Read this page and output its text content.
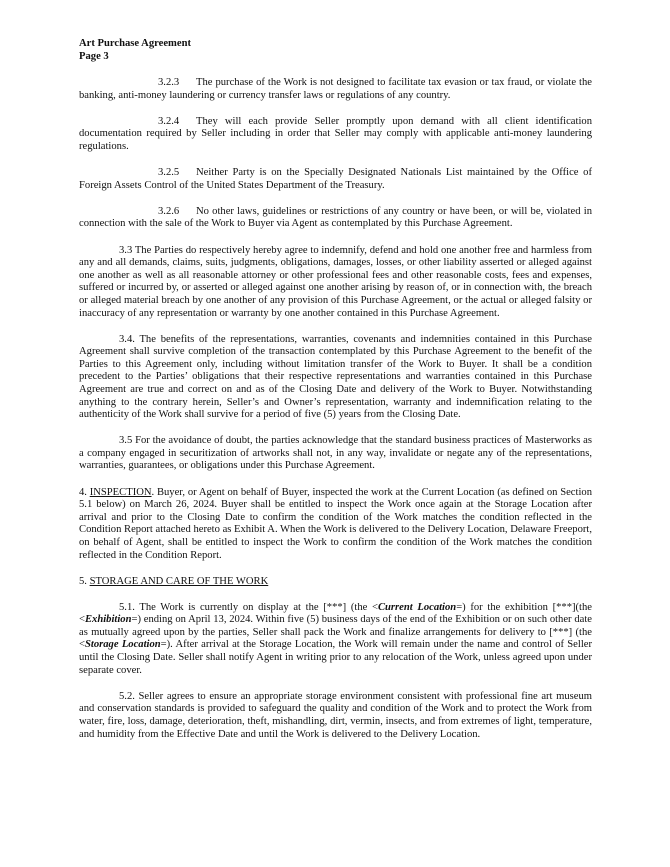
Art Purchase Agreement
Page 3

3.2.3 The purchase of the Work is not designed to facilitate tax evasion or tax fraud, or violate the banking, anti-money laundering or currency transfer laws or regulations of any country.

3.2.4 They will each provide Seller promptly upon demand with all client identification documentation required by Seller including in order that Seller may comply with applicable anti-money laundering regulations.

3.2.5 Neither Party is on the Specially Designated Nationals List maintained by the Office of Foreign Assets Control of the United States Department of the Treasury.

3.2.6 No other laws, guidelines or restrictions of any country or have been, or will be, violated in connection with the sale of the Work to Buyer via Agent as contemplated by this Purchase Agreement.

3.3 The Parties do respectively hereby agree to indemnify, defend and hold one another free and harmless from any and all demands, claims, suits, judgments, obligations, damages, losses, or other liability asserted or alleged against one another as well as all reasonable attorney or other professional fees and other reasonable costs, fees and expenses, suffered or incurred by, or asserted or alleged against one another arising by reason of, or in connection with, the breach or alleged material breach by one another of any provision of this Purchase Agreement, or the actual or alleged falsity or inaccuracy of any representation or warranty by one another contained in this Purchase Agreement.

3.4. The benefits of the representations, warranties, covenants and indemnities contained in this Purchase Agreement shall survive completion of the transaction contemplated by this Purchase Agreement to the benefit of the Parties to this Agreement only, including without limitation transfer of the Work to Buyer. It shall be a condition precedent to the Parties’ obligations that their respective representations and warranties contained in this Purchase Agreement are true and correct on and as of the Closing Date and delivery of the Work to Buyer. Notwithstanding anything to the contrary herein, Seller’s and Owner’s representation, warranty and indemnification relating to the authenticity of the Work shall survive for a period of five (5) years from the Closing Date.

3.5 For the avoidance of doubt, the parties acknowledge that the standard business practices of Masterworks as a company engaged in securitization of artworks shall not, in any way, invalidate or negate any of the representations, warranties, guarantees, or obligations under this Purchase Agreement.

4. INSPECTION. Buyer, or Agent on behalf of Buyer, inspected the work at the Current Location (as defined on Section 5.1 below) on March 26, 2024. Buyer shall be entitled to inspect the Work once again at the Storage Location after arrival and prior to the Closing Date to confirm the condition of the Work matches the condition reflected in the Condition Report attached hereto as Exhibit A. When the Work is delivered to the Delivery Location, Delaware Freeport, on behalf of Agent, shall be entitled to inspect the Work to confirm the condition of the Work matches the condition reflected in the Condition Report.

5. STORAGE AND CARE OF THE WORK

5.1. The Work is currently on display at the [***] (the <Current Location=) for the exhibition [***](the <Exhibition=) ending on April 13, 2024. Within five (5) business days of the end of the Exhibition or on such other date as mutually agreed upon by the parties, Seller shall pack the Work and finalize arrangements for delivery to [***] (the <Storage Location=). After arrival at the Storage Location, the Work will remain under the name and control of Seller until the Closing Date. Seller shall notify Agent in writing prior to any relocation of the Work, unless agreed upon under separate cover.

5.2. Seller agrees to ensure an appropriate storage environment consistent with professional fine art museum and conservation standards is provided to safeguard the quality and condition of the Work and to protect the Work from water, fire, loss, damage, deterioration, theft, mishandling, dirt, vermin, insects, and from extremes of light, temperature, and humidity from the Effective Date and until the Work is delivered to the Delivery Location.
